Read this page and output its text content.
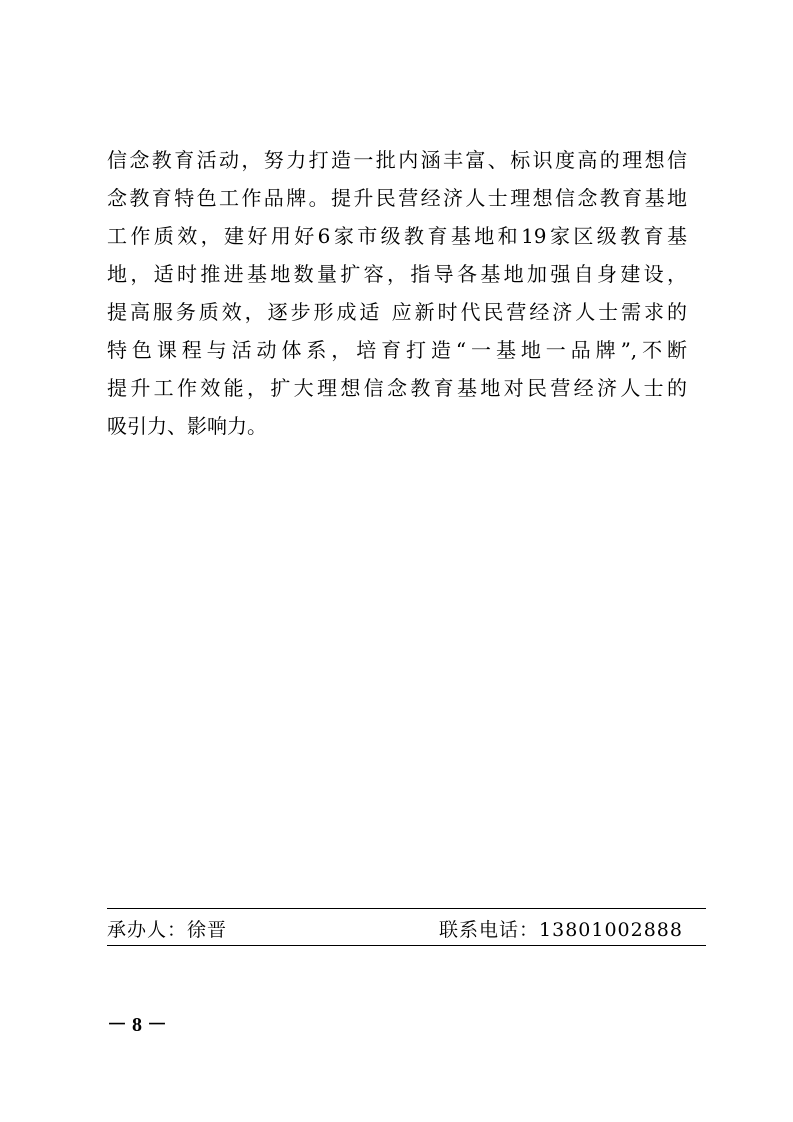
信念教育活动，努力打造一批内涵丰富、标识度高的理想信
念教育特色工作品牌。提升民营经济人士理想信念教育基地
工作质效，建好用好6家市级教育基地和19家区级教育基
地，适时推进基地数量扩容，指导各基地加强自身建设，
提高服务质效，逐步形成适 应新时代民营经济人士需求的
特色课程与活动体系，培育打造“一基地一品牌”,不断
提升工作效能，扩大理想信念教育基地对民营经济人士的
吸引力、影响力。
承办人：徐晋	联系电话：13801002888
－ 8 －
